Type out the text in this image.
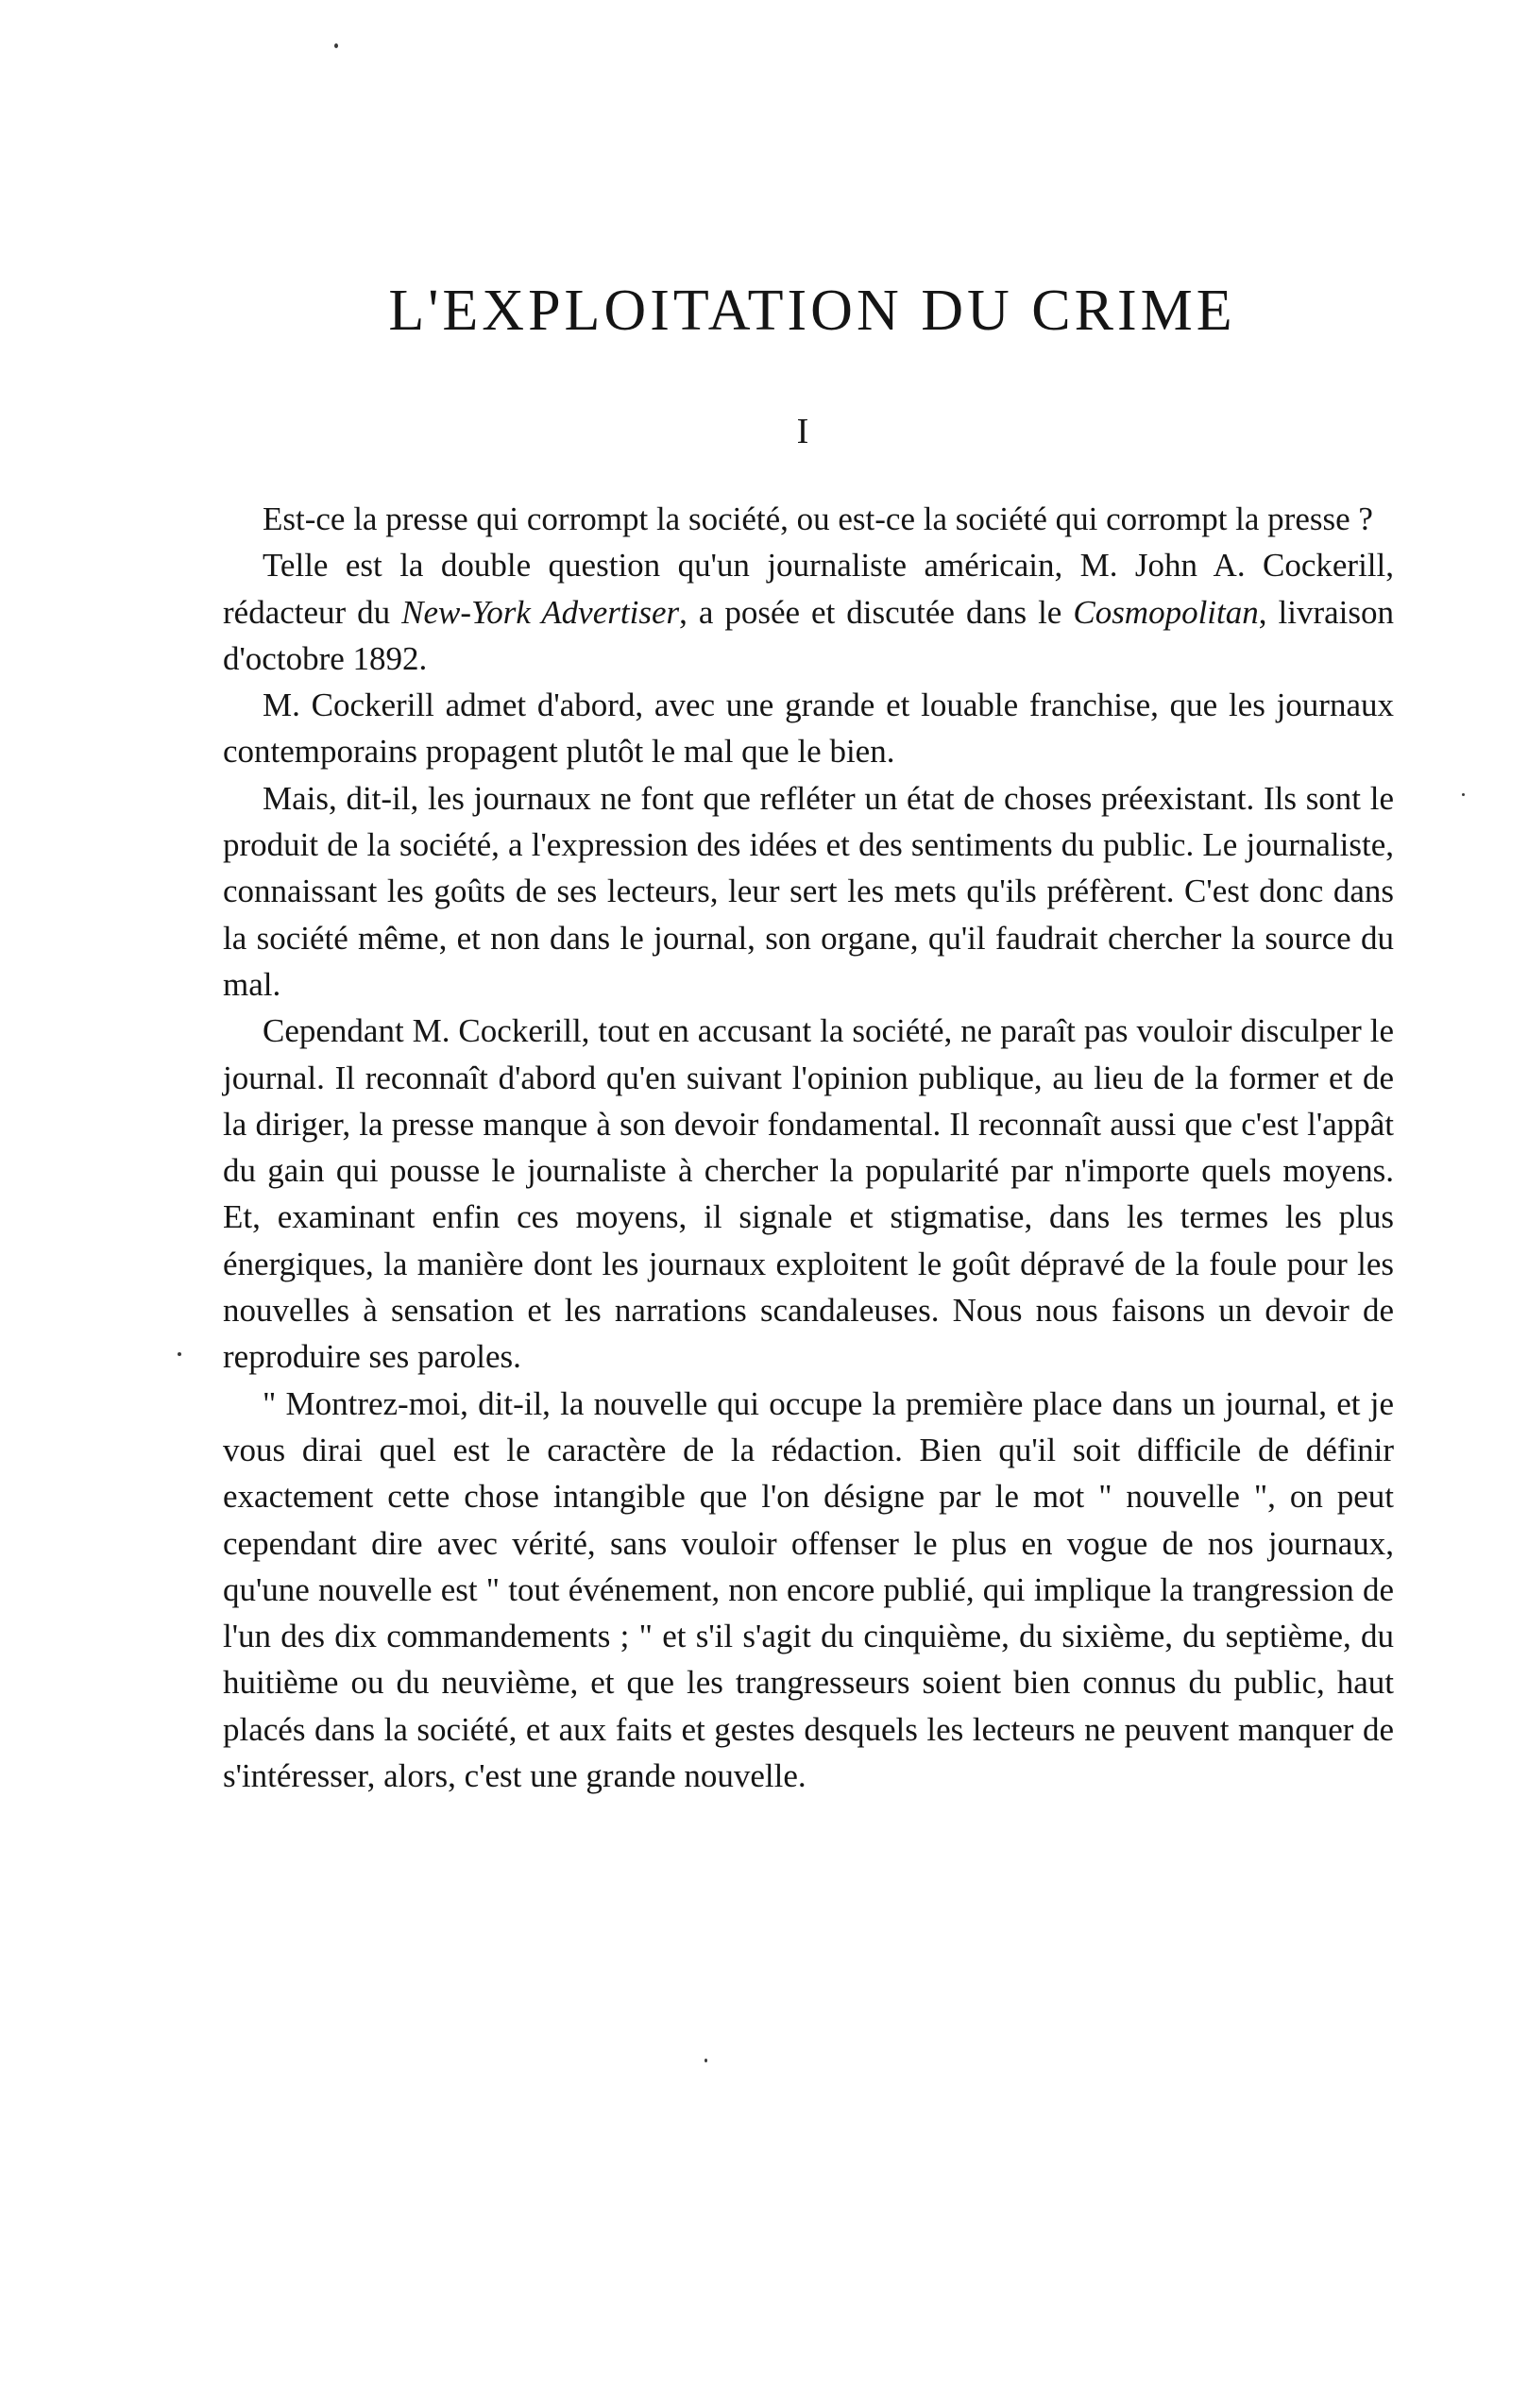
L'EXPLOITATION DU CRIME
I

Est-ce la presse qui corrompt la société, ou est-ce la société qui corrompt la presse ?

Telle est la double question qu'un journaliste américain, M. John A. Cockerill, rédacteur du New-York Advertiser, a posée et discutée dans le Cosmopolitan, livraison d'octobre 1892.

M. Cockerill admet d'abord, avec une grande et louable franchise, que les journaux contemporains propagent plutôt le mal que le bien.

Mais, dit-il, les journaux ne font que refléter un état de choses préexistant. Ils sont le produit de la société, a l'expression des idées et des sentiments du public. Le journaliste, connaissant les goûts de ses lecteurs, leur sert les mets qu'ils préfèrent. C'est donc dans la société même, et non dans le journal, son organe, qu'il faudrait chercher la source du mal.

Cependant M. Cockerill, tout en accusant la société, ne paraît pas vouloir disculper le journal. Il reconnaît d'abord qu'en suivant l'opinion publique, au lieu de la former et de la diriger, la presse manque à son devoir fondamental. Il reconnaît aussi que c'est l'appât du gain qui pousse le journaliste à chercher la popularité par n'importe quels moyens. Et, examinant enfin ces moyens, il signale et stigmatise, dans les termes les plus énergiques, la manière dont les journaux exploitent le goût dépravé de la foule pour les nouvelles à sensation et les narrations scandaleuses. Nous nous faisons un devoir de reproduire ses paroles.

" Montrez-moi, dit-il, la nouvelle qui occupe la première place dans un journal, et je vous dirai quel est le caractère de la rédaction. Bien qu'il soit difficile de définir exactement cette chose intangible que l'on désigne par le mot " nouvelle ", on peut cependant dire avec vérité, sans vouloir offenser le plus en vogue de nos journaux, qu'une nouvelle est " tout événement, non encore publié, qui implique la trangression de l'un des dix commandements ; " et s'il s'agit du cinquième, du sixième, du septième, du huitième ou du neuvième, et que les trangresseurs soient bien connus du public, haut placés dans la société, et aux faits et gestes desquels les lecteurs ne peuvent manquer de s'intéresser, alors, c'est une grande nouvelle.
